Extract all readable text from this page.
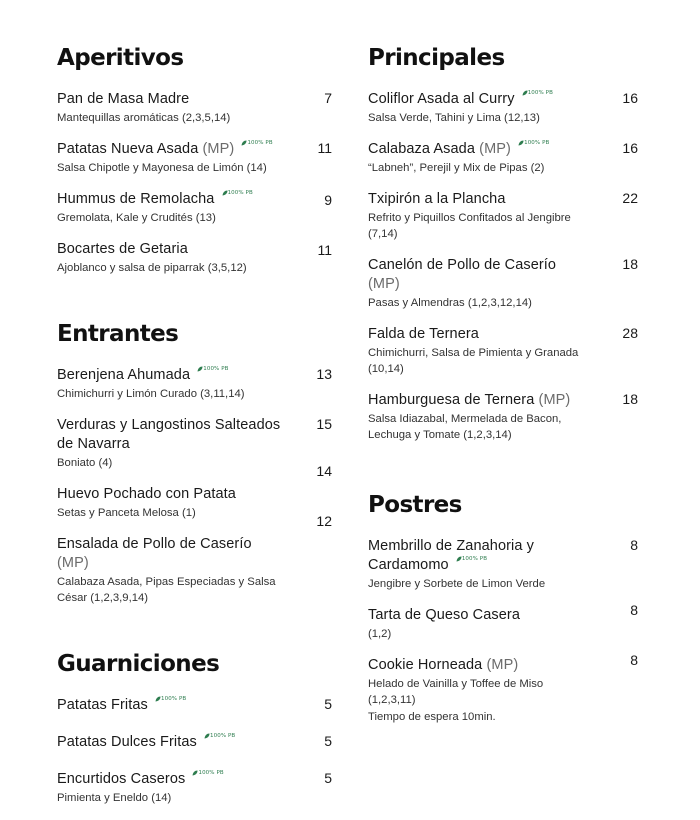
Aperitivos
Pan de Masa Madre
Mantequillas aromáticas (2,3,5,14)
7
Patatas Nueva Asada (MP) 100% PB
Salsa Chipotle y Mayonesa de Limón (14)
11
Hummus de Remolacha 100% PB
Gremolata, Kale y Crudités (13)
9
Bocartes de Getaria
Ajoblanco y salsa de piparrak (3,5,12)
11
Entrantes
Berenjena Ahumada 100% PB
Chimichurri y Limón Curado (3,11,14)
13
Verduras y Langostinos Salteados de Navarra
Boniato (4)
15
Huevo Pochado con Patata
Setas y Panceta Melosa (1)
14
Ensalada de Pollo de Caserío (MP)
Calabaza Asada, Pipas Especiadas y Salsa César (1,2,3,9,14)
12
Guarniciones
Patatas Fritas 100% PB	5
Patatas Dulces Fritas 100% PB	5
Encurtidos Caseros 100% PB
Pimienta y Eneldo (14)
5
Principales
Coliflor Asada al Curry 100% PB
Salsa Verde, Tahini y Lima (12,13)
16
Calabaza Asada (MP) 100% PB
“Labneh”, Perejil y Mix de Pipas (2)
16
Txipirón a la Plancha
Refrito y Piquillos Confitados al Jengibre (7,14)
22
Canelón de Pollo de Caserío (MP)
Pasas y Almendras (1,2,3,12,14)
18
Falda de Ternera
Chimichurri, Salsa de Pimienta y Granada (10,14)
28
Hamburguesa de Ternera (MP)
Salsa Idiazabal, Mermelada de Bacon, Lechuga y Tomate (1,2,3,14)
18
Postres
Membrillo de Zanahoria y Cardamomo 100% PB
Jengibre y Sorbete de Limon Verde
8
Tarta de Queso Casera
(1,2)
8
Cookie Horneada (MP)
Helado de Vainilla y Toffee de Miso (1,2,3,11)
Tiempo de espera 10min.
8
